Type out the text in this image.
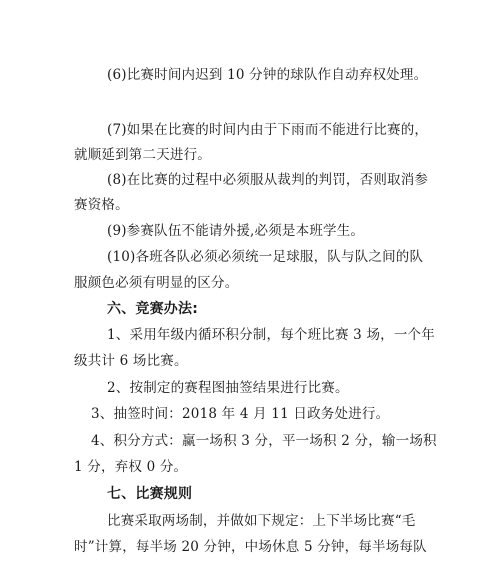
(6)比赛时间内迟到 10 分钟的球队作自动弃权处理。
(7)如果在比赛的时间内由于下雨而不能进行比赛的，
就顺延到第二天进行。
(8)在比赛的过程中必须服从裁判的判罚，否则取消参
赛资格。
(9)参赛队伍不能请外援,必须是本班学生。
(10)各班各队必须必须统一足球服，队与队之间的队
服颜色必须有明显的区分。
六、竞赛办法:
1、采用年级内循环积分制，每个班比赛 3 场，一个年
级共计 6 场比赛。
2、按制定的赛程图抽签结果进行比赛。
3、抽签时间：2018 年 4 月 11 日政务处进行。
4、积分方式：赢一场积 3 分，平一场积 2 分，输一场积
1 分，弃权 0 分。
七、比赛规则
比赛采取两场制，并做如下规定：上下半场比赛“毛
时”计算，每半场 20 分钟，中场休息 5 分钟，每半场每队
